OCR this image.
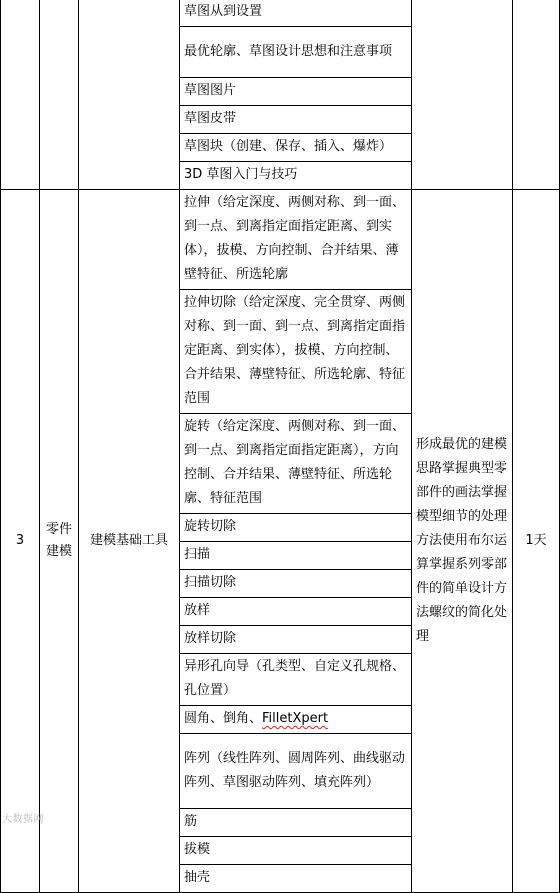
			草图从到设置		
			最优轮廓、草图设计思想和注意事项		
			草图图片		
			草图皮带		
			草图块（创建、保存、插入、爆炸）		
			3D 草图入门与技巧		
3	零件建模	建模基础工具	拉伸（给定深度、两侧对称、到一面、到一点、到离指定面指定距离、到实体），拔模、方向控制、合并结果、薄壁特征、所选轮廓	形成最优的建模思路掌握典型零部件的画法掌握模型细节的处理方法使用布尔运算掌握系列零部件的简单设计方法螺纹的简化处理	1天
			拉伸切除（给定深度、完全贯穿、两侧对称、到一面、到一点、到离指定面指定距离、到实体），拔模、方向控制、合并结果、薄壁特征、所选轮廓、特征范围		
			旋转（给定深度、两侧对称、到一面、到一点、到离指定面指定距离），方向控制、合并结果、薄壁特征、所选轮廓、特征范围		
			旋转切除		
			扫描		
			扫描切除		
			放样		
			放样切除		
			异形孔向导（孔类型、自定义孔规格、孔位置）		
			圆角、倒角、FilletXpert		
			阵列（线性阵列、圆周阵列、曲线驱动阵列、草图驱动阵列、填充阵列）		
			筋		
			拔模		
			抽壳		
大数据网
